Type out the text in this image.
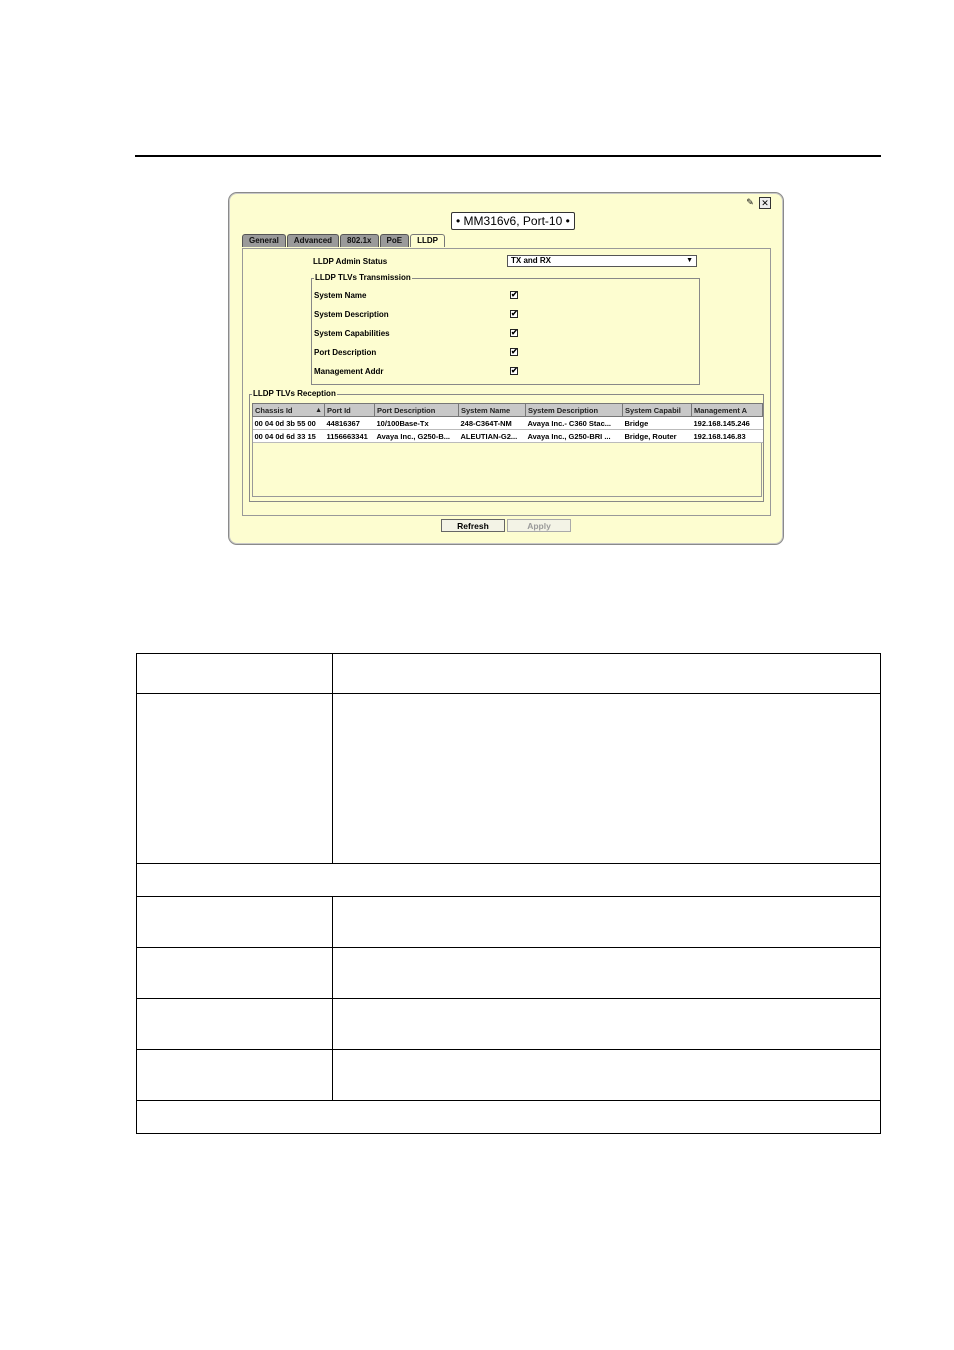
✎ ✕
• MM316v6, Port-10 •
General	Advanced	802.1x	PoE	LLDP
LLDP Admin Status	TX and RX	▼
LLDP TLVs Transmission
System Name	✔
System Description	✔
System Capabilities	✔
Port Description	✔
Management Addr	✔
LLDP TLVs Reception
Chassis Id ▲	Port Id	Port Description	System Name	System Description	System Capabil	Management A
00 04 0d 3b 55 00	44816367	10/100Base-Tx	248-C364T-NM	Avaya Inc.- C360 Stac...	Bridge	192.168.145.246
00 04 0d 6d 33 15	1156663341	Avaya Inc., G250-B...	ALEUTIAN-G2...	Avaya Inc., G250-BRI ...	Bridge, Router	192.168.146.83
Refresh	Apply
